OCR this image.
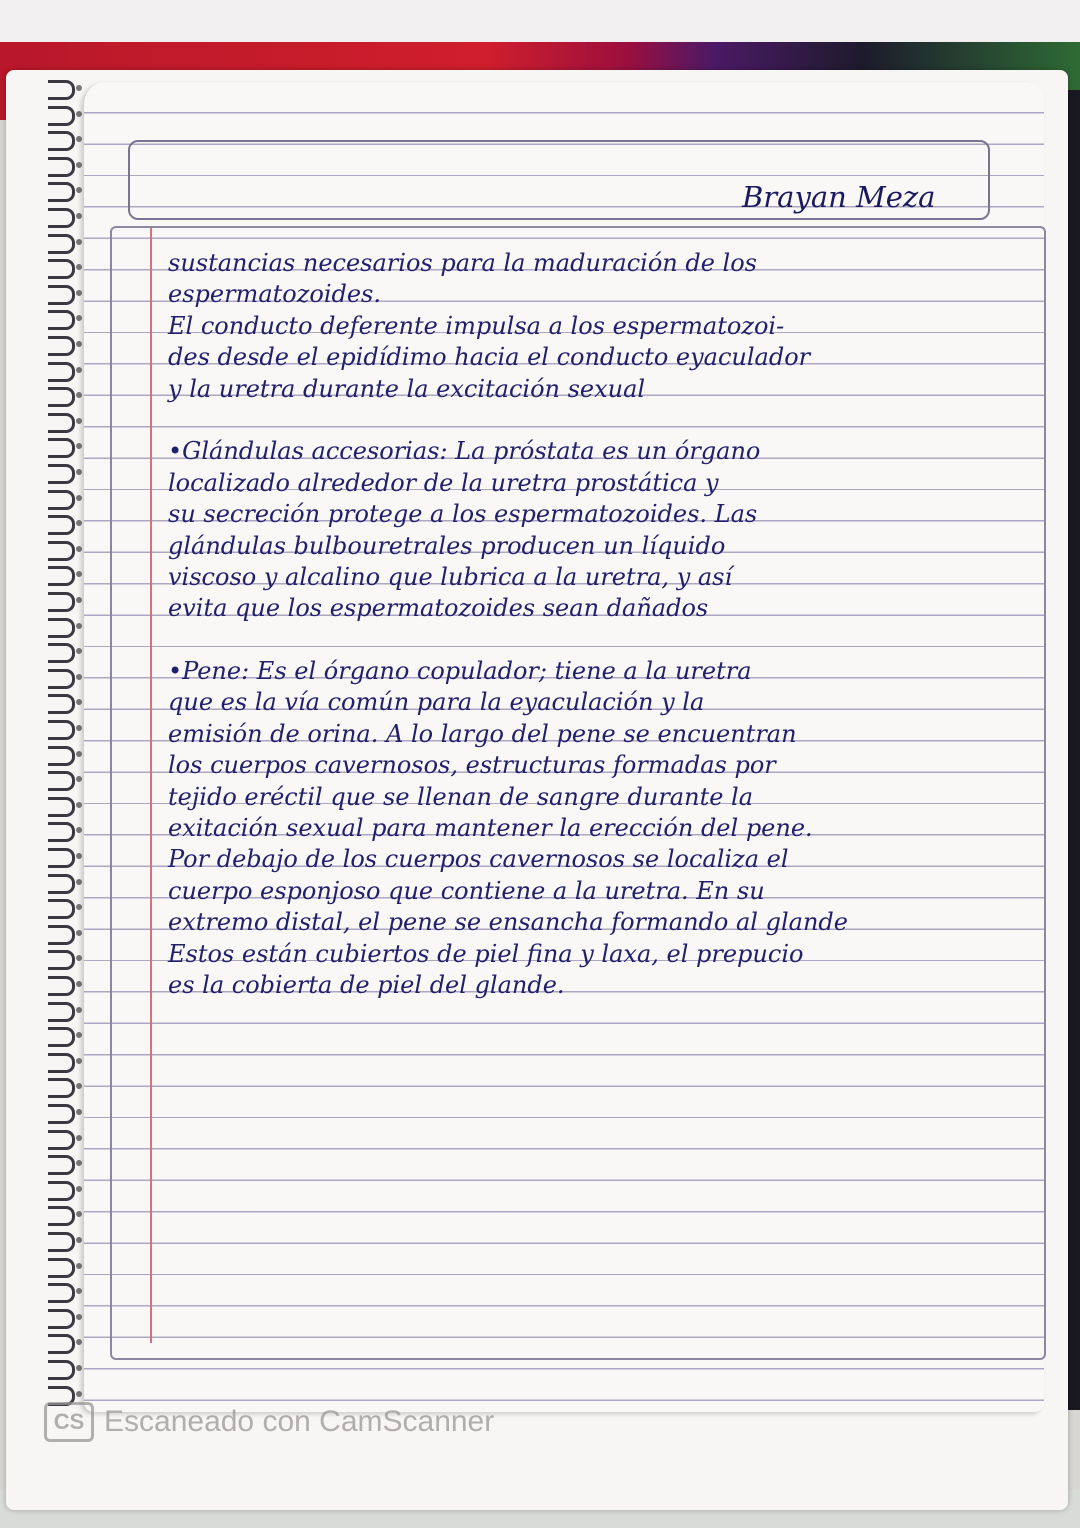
Brayan Meza
sustancias necesarios para la maduración de los
espermatozoides.
El conducto deferente impulsa a los espermatozoi-
des desde el epidídimo hacia el conducto eyaculador
y la uretra durante la excitación sexual
•Glándulas accesorias: La próstata es un órgano
localizado alrededor de la uretra prostática y
su secreción protege a los espermatozoides. Las
glándulas bulbouretrales producen un líquido
viscoso y alcalino que lubrica a la uretra, y así
evita que los espermatozoides sean dañados
•Pene: Es el órgano copulador; tiene a la uretra
que es la vía común para la eyaculación y la
emisión de orina. A lo largo del pene se encuentran
los cuerpos cavernosos, estructuras formadas por
tejido eréctil que se llenan de sangre durante la
exitación sexual para mantener la erección del pene.
Por debajo de los cuerpos cavernosos se localiza el
cuerpo esponjoso que contiene a la uretra. En su
extremo distal, el pene se ensancha formando al glande
Estos están cubiertos de piel fina y laxa, el prepucio
es la cobierta de piel del glande.
CS Escaneado con CamScanner
